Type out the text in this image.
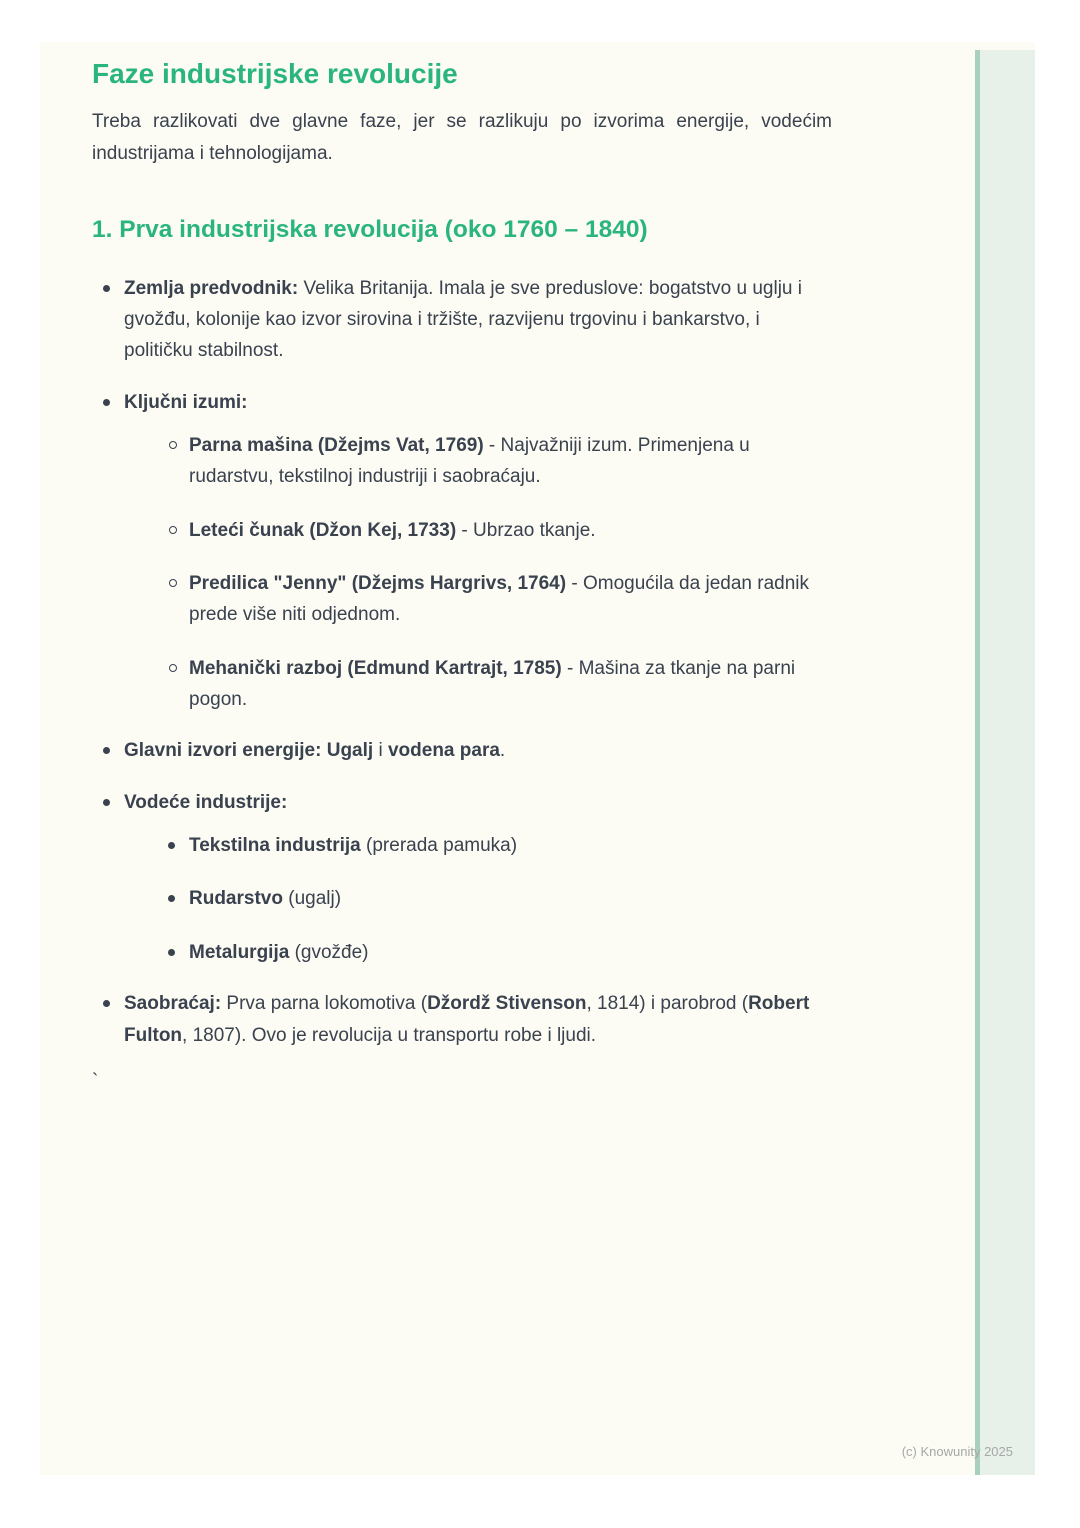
Faze industrijske revolucije

Treba razlikovati dve glavne faze, jer se razlikuju po izvorima energije, vodećim industrijama i tehnologijama.

1. Prva industrijska revolucija (oko 1760 – 1840)
Zemlja predvodnik: Velika Britanija. Imala je sve preduslove: bogatstvo u uglju i gvožđu, kolonije kao izvor sirovina i tržište, razvijenu trgovinu i bankarstvo, i političku stabilnost.
Ključni izumi:
Parna mašina (Džejms Vat, 1769) - Najvažniji izum. Primenjena u rudarstvu, tekstilnoj industriji i saobraćaju.
Leteći čunak (Džon Kej, 1733) - Ubrzao tkanje.
Predilica "Jenny" (Džejms Hargrivs, 1764) - Omogućila da jedan radnik prede više niti odjednom.
Mehanički razboj (Edmund Kartrajt, 1785) - Mašina za tkanje na parni pogon.
Glavni izvori energije: Ugalj i vodena para.
Vodeće industrije:
Tekstilna industrija (prerada pamuka)
Rudarstvo (ugalj)
Metalurgija (gvožđe)
Saobraćaj: Prva parna lokomotiva (Džordž Stivenson, 1814) i parobrod (Robert Fulton, 1807). Ovo je revolucija u transportu robe i ljudi.
`
(c) Knowunity 2025
